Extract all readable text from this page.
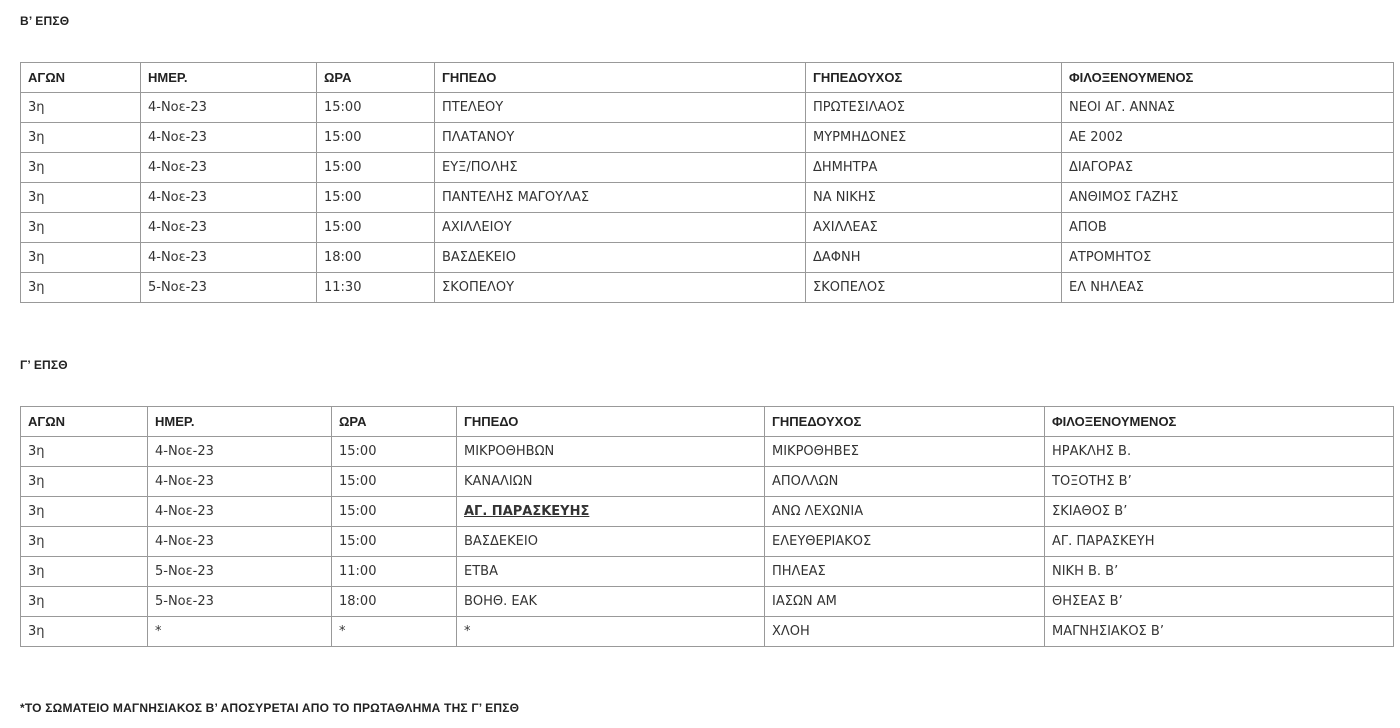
Β’ ΕΠΣΘ
ΑΓΩΝ	ΗΜΕΡ.	ΩΡΑ	ΓΗΠΕΔΟ	ΓΗΠΕΔΟΥΧΟΣ	ΦΙΛΟΞΕΝΟΥΜΕΝΟΣ
3η	4-Νοε-23	15:00	ΠΤΕΛΕΟΥ	ΠΡΩΤΕΣΙΛΑΟΣ	ΝΕΟΙ ΑΓ. ΑΝΝΑΣ
3η	4-Νοε-23	15:00	ΠΛΑΤΑΝΟΥ	ΜΥΡΜΗΔΟΝΕΣ	ΑΕ 2002
3η	4-Νοε-23	15:00	ΕΥΞ/ΠΟΛΗΣ	ΔΗΜΗΤΡΑ	ΔΙΑΓΟΡΑΣ
3η	4-Νοε-23	15:00	ΠΑΝΤΕΛΗΣ ΜΑΓΟΥΛΑΣ	ΝΑ ΝΙΚΗΣ	ΑΝΘΙΜΟΣ ΓΑΖΗΣ
3η	4-Νοε-23	15:00	ΑΧΙΛΛΕΙΟΥ	ΑΧΙΛΛΕΑΣ	ΑΠΟΒ
3η	4-Νοε-23	18:00	ΒΑΣΔΕΚΕΙΟ	ΔΑΦΝΗ	ΑΤΡΟΜΗΤΟΣ
3η	5-Νοε-23	11:30	ΣΚΟΠΕΛΟΥ	ΣΚΟΠΕΛΟΣ	ΕΛ ΝΗΛΕΑΣ
Γ’ ΕΠΣΘ
ΑΓΩΝ	ΗΜΕΡ.	ΩΡΑ	ΓΗΠΕΔΟ	ΓΗΠΕΔΟΥΧΟΣ	ΦΙΛΟΞΕΝΟΥΜΕΝΟΣ
3η	4-Νοε-23	15:00	ΜΙΚΡΟΘΗΒΩΝ	ΜΙΚΡΟΘΗΒΕΣ	ΗΡΑΚΛΗΣ Β.
3η	4-Νοε-23	15:00	ΚΑΝΑΛΙΩΝ	ΑΠΟΛΛΩΝ	ΤΟΞΟΤΗΣ Β’
3η	4-Νοε-23	15:00	ΑΓ. ΠΑΡΑΣΚΕΥΗΣ	ΑΝΩ ΛΕΧΩΝΙΑ	ΣΚΙΑΘΟΣ Β’
3η	4-Νοε-23	15:00	ΒΑΣΔΕΚΕΙΟ	ΕΛΕΥΘΕΡΙΑΚΟΣ	ΑΓ. ΠΑΡΑΣΚΕΥΗ
3η	5-Νοε-23	11:00	ΕΤΒΑ	ΠΗΛΕΑΣ	ΝΙΚΗ Β. Β’
3η	5-Νοε-23	18:00	ΒΟΗΘ. ΕΑΚ	ΙΑΣΩΝ ΑΜ	ΘΗΣΕΑΣ Β’
3η	*	*	*	ΧΛΟΗ	ΜΑΓΝΗΣΙΑΚΟΣ Β’
*ΤΟ ΣΩΜΑΤΕΙΟ ΜΑΓΝΗΣΙΑΚΟΣ Β’ ΑΠΟΣΥΡΕΤΑΙ ΑΠΟ ΤΟ ΠΡΩΤΑΘΛΗΜΑ ΤΗΣ Γ’ ΕΠΣΘ
